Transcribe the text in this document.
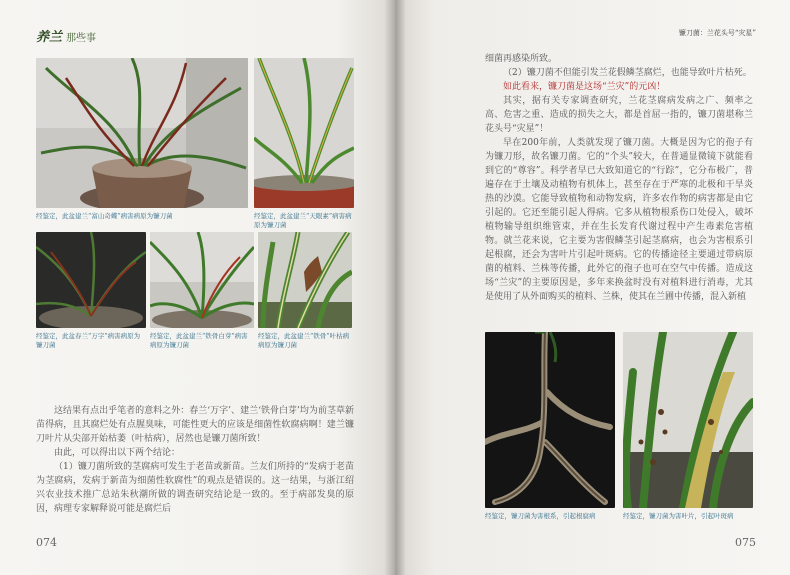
养兰 那些事
经鉴定，此盆建兰“富山奇蝶”病害病原为镰刀菌	经鉴定，此盆建兰“天眼素”病害病原为镰刀菌
经鉴定，此盆春兰“万字”病害病原为镰刀菌
经鉴定，此盆建兰“铁骨白芽”病害病原为镰刀菌
经鉴定，此盆建兰“铁骨”叶枯病病原为镰刀菌

这结果有点出乎笔者的意料之外：春兰‘万字’、建兰‘铁骨白芽’均为前茎草新苗得病，且其腐烂处有点腥臭味，可能性更大的应该是细菌性软腐病啊！建兰镰刀叶片从尖部开始枯萎（叶枯病），居然也是镰刀菌所致！

由此，可以得出以下两个结论：

（1）镰刀菌所致的茎腐病可发生于老苗或新苗。兰友们所持的“发病于老苗为茎腐病，发病于新苗为细菌性软腐性”的观点是错误的。这一结果，与浙江绍兴农业技术推广总站朱秋潮所做的调查研究结论是一致的。至于病部发臭的原因，病理专家解释说可能是腐烂后

074
镰刀菌：兰花头号“灾星”

细菌再感染所致。

（2）镰刀菌不但能引发兰花假鳞茎腐烂，也能导致叶片枯死。

如此看来，镰刀菌是这场“兰灾”的元凶！

其实，据有关专家调查研究，兰花茎腐病发病之广、频率之高、危害之重、造成的损失之大，都是首屈一指的，镰刀菌堪称兰花头号“灾星”！

早在200年前，人类就发现了镰刀菌。大概是因为它的孢子有为镰刀形，故名镰刀菌。它的“个头”较大，在普通显微镜下就能看到它的“尊容”。科学者早已大致知道它的“行踪”，它分布极广，普遍存在于土壤及动植物有机体上，甚至存在于严寒的北极和干旱炎热的沙漠。它能导致植物和动物发病，许多农作物的病害都是由它引起的。它还至能引起人得病。它多从植物根系伤口处侵入，破坏植物输导组织维管束，并在生长发育代谢过程中产生毒素危害植物。就兰花来说，它主要为害假鳞茎引起茎腐病，也会为害根系引起根腐，还会为害叶片引起叶斑病。它的传播途径主要通过带病原菌的植料、兰株等传播，此外它的孢子也可在空气中传播。造成这场“兰灾”的主要原因是，多年来换盆时没有对植料进行消毒，尤其是使用了从外面购买的植料、兰株，使其在兰圃中传播，混入新植

经鉴定，镰刀菌为害根系，引起根腐病	经鉴定，镰刀菌为害叶片，引起叶斑病
075
